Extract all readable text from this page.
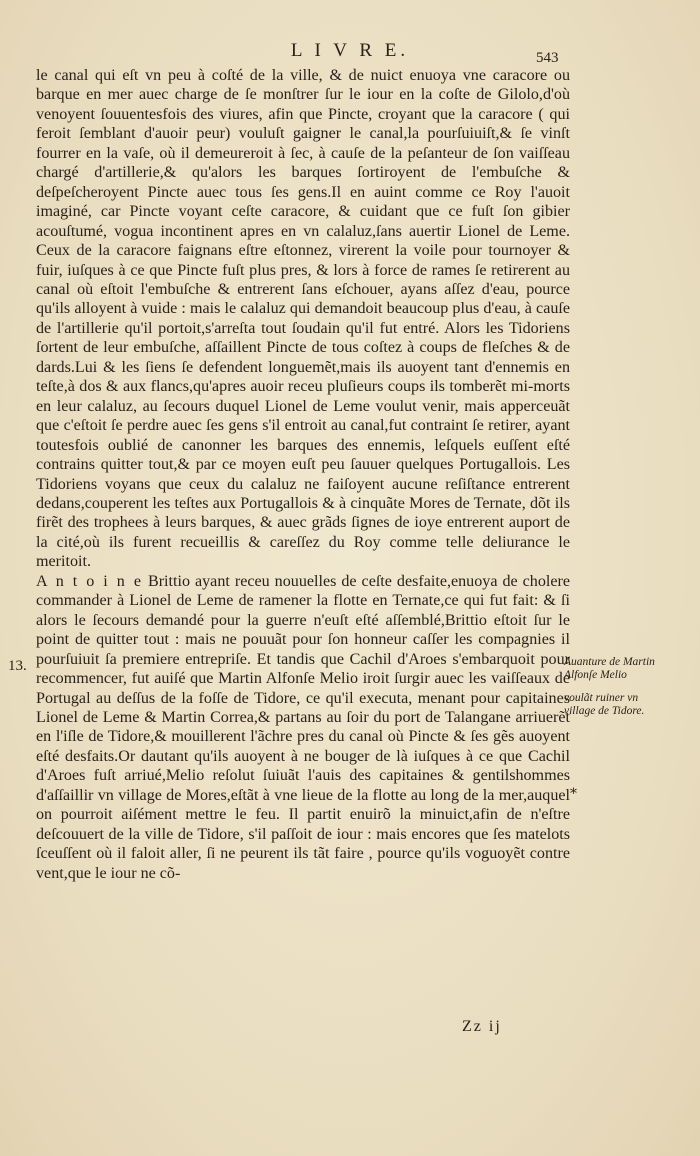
L I V R E.	543

le canal qui eſt vn peu à coſté de la ville, & de nuict enuoya vne caracore ou barque en mer auec charge de ſe monſtrer ſur le iour en la coſte de Gilolo,d'où venoyent ſouuentesfois des viures, afin que Pincte, croyant que la caracore ( qui feroit ſemblant d'auoir peur) vouluſt gaigner le canal,la pourſuiuiſt,& ſe vinſt fourrer en la vaſe, où il demeureroit à ſec, à cauſe de la peſanteur de ſon vaiſſeau chargé d'artillerie,& qu'alors les barques ſortiroyent de l'embuſche & deſpeſcheroyent Pincte auec tous ſes gens.Il en auint comme ce Roy l'auoit imaginé, car Pincte voyant ceſte caracore, & cuidant que ce fuſt ſon gibier acouſtumé, vogua incontinent apres en vn calaluz,ſans auertir Lionel de Leme. Ceux de la caracore faignans eſtre eſtonnez, virerent la voile pour tournoyer & fuir, iuſques à ce que Pincte fuſt plus pres, & lors à force de rames ſe retirerent au canal où eſtoit l'embuſche & entrerent ſans eſchouer, ayans aſſez d'eau, pource qu'ils alloyent à vuide : mais le calaluz qui demandoit beaucoup plus d'eau, à cauſe de l'artillerie qu'il portoit,s'arreſta tout ſoudain qu'il fut entré. Alors les Tidoriens ſortent de leur embuſche, aſſaillent Pincte de tous coſtez à coups de fleſches & de dards.Lui & les ſiens ſe defendent longuemẽt,mais ils auoyent tant d'ennemis en teſte,à dos & aux flancs,qu'apres auoir receu pluſieurs coups ils tomberẽt mi-morts en leur calaluz, au ſecours duquel Lionel de Leme voulut venir, mais apperceuãt que c'eſtoit ſe perdre auec ſes gens s'il entroit au canal,fut contraint ſe retirer, ayant toutesfois oublié de canonner les barques des ennemis, leſquels euſſent eſté contrains quitter tout,& par ce moyen euſt peu ſauuer quelques Portugallois. Les Tidoriens voyans que ceux du calaluz ne faiſoyent aucune reſiſtance entrerent dedans,couperent les teſtes aux Portugallois & à cinquãte Mores de Ternate, dõt ils firẽt des trophees à leurs barques, & auec grãds ſignes de ioye entrerent auport de la cité,où ils furent recueillis & careſſez du Roy comme telle deliurance le meritoit.

A n t o i n e Brittio ayant receu nouuelles de ceſte desfaite,enuoya de cholere commander à Lionel de Leme de ramener la flotte en Ternate,ce qui fut fait: & ſi alors le ſecours demandé pour la guerre n'euſt eſté aſſemblé,Brittio eſtoit ſur le point de quitter tout : mais ne pouuãt pour ſon honneur caſſer les compagnies il pourſuiuit ſa premiere entrepriſe. Et tandis que Cachil d'Aroes s'embarquoit pour recommencer, fut auiſé que Martin Alfonſe Melio iroit ſurgir auec les vaiſſeaux de Portugal au deſſus de la foſſe de Tidore, ce qu'il executa, menant pour capitaines Lionel de Leme & Martin Correa,& partans au ſoir du port de Talangane arriuerẽt en l'iſle de Tidore,& mouillerent l'ãchre pres du canal où Pincte & ſes gẽs auoyent eſté desfaits.Or dautant qu'ils auoyent à ne bouger de là iuſques à ce que Cachil d'Aroes fuſt arriué,Melio reſolut ſuiuãt l'auis des capitaines & gentilshommes d'aſſaillir vn village de Mores,eſtãt à vne lieue de la flotte au long de la mer,auquel on pourroit aiſément mettre le feu. Il partit enuirõ la minuict,afin de n'eſtre deſcouuert de la ville de Tidore, s'il paſſoit de iour : mais encores que ſes matelots ſceuſſent où il faloit aller, ſi ne peurent ils tãt faire , pource qu'ils voguoyẽt contre vent,que le iour ne cõ-

13.	Auanture de Martin Alfonſe Melio
voulãt ruiner vn village de Tidore.
*
Zz ij
